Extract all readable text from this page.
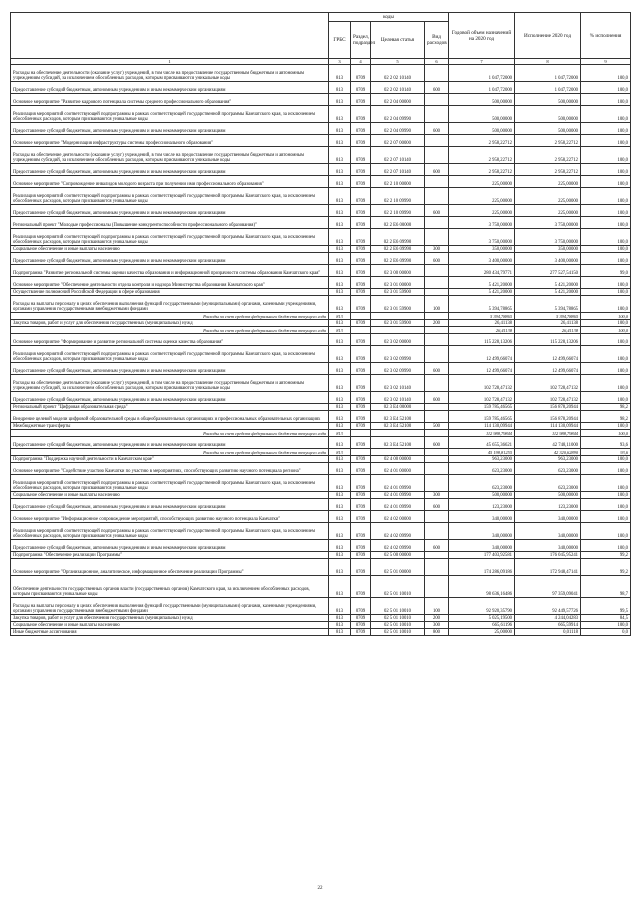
	коды				Годовой объем назначений на 2020 год	Исполнение 2020 год	% исполнения
	ГРБС	Раздел, подраздел	Целевая статья	Вид расходов			
1	3	4	5	6	7	8	9
Расходы на обеспечение деятельности (оказание услуг) учреждений, в том числе на предоставление государственным бюджетным и автономным учреждениям субсидий, за исключением обособленных расходов, которым присваиваются уникальные коды	813	0709	02 2 02 10140		1 047,72000	1 047,72000	100,0
Предоставление субсидий бюджетным, автономным учреждениям и иным некоммерческим организациям	813	0709	02 2 02 10140	600	1 047,72000	1 047,72000	100,0
Основное мероприятие "Развитие кадрового потенциала системы среднего профессионального образования"	813	0709	02 2 04 00000		500,00000	500,00000	100,0
Реализация мероприятий соответствующей подпрограммы в рамках соответствующей государственной программы Камчатского края, за исключением обособленных расходов, которым присваиваются уникальные коды	813	0709	02 2 04 09990		500,00000	500,00000	100,0
Предоставление субсидий бюджетным, автономным учреждениям и иным некоммерческим организациям	813	0709	02 2 04 09990	600	500,00000	500,00000	100,0
Основное мероприятие "Модернизация инфраструктуры системы профессионального образования"	813	0709	02 2 07 00000		2 958,22712	2 958,22712	100,0
Расходы на обеспечение деятельности (оказание услуг) учреждений, в том числе на предоставление государственным бюджетным и автономным учреждениям субсидий, за исключением обособленных расходов, которым присваиваются уникальные коды	813	0709	02 2 07 10140		2 958,22712	2 958,22712	100,0
Предоставление субсидий бюджетным, автономным учреждениям и иным некоммерческим организациям	813	0709	02 2 07 10140	600	2 958,22712	2 958,22712	100,0
Основное мероприятие "Сопровождение инвалидов молодого возраста при получении ими профессионального образования"	813	0709	02 2 10 00000		225,00000	225,00000	100,0
Реализация мероприятий соответствующей подпрограммы в рамках соответствующей государственной программы Камчатского края, за исключением обособленных расходов, которым присваиваются уникальные коды	813	0709	02 2 10 09990		225,00000	225,00000	100,0
Предоставление субсидий бюджетным, автономным учреждениям и иным некоммерческим организациям	813	0709	02 2 10 09990	600	225,00000	225,00000	100,0
Региональный проект "Молодые профессионалы (Повышение конкурентоспособности профессионального образования)"	813	0709	02 2 E6 00000		3 750,00000	3 750,00000	100,0
Реализация мероприятий соответствующей подпрограммы в рамках соответствующей государственной программы Камчатского края, за исключением обособленных расходов, которым присваиваются уникальные коды	813	0709	02 2 E6 09990		3 750,00000	3 750,00000	100,0
Социальное обеспечение и иные выплаты населению	813	0709	02 2 E6 09990	300	350,00000	350,00000	100,0
Предоставление субсидий бюджетным, автономным учреждениям и иным некоммерческим организациям	813	0709	02 2 E6 09990	600	3 400,00000	3 400,00000	100,0
Подпрограмма "Развитие региональной системы оценки качества образования и информационной прозрачности системы образования Камчатского края"	813	0709	02 3 00 00000		280 434,79771	277 527,54150	99,0
Основное мероприятие "Обеспечение деятельности отдела контроля и надзора Министерства образования Камчатского края"	813	0709	02 3 01 00000		5 421,20000	5 421,20000	100,0
Осуществление полномочий Российской Федерации в сфере образования	813	0709	02 3 01 59900		5 421,20000	5 421,20000	100,0
Расходы на выплаты персоналу в целях обеспечения выполнения функций государственными (муниципальными) органами, казенными учреждениями, органами управления государственными внебюджетными фондами	813	0709	02 3 01 59900	100	5 394,78865	5 394,78865	100,0
Расходы за счет средств федерального бюджета текущего года	813				5 394,78865	5 394,78865	100,0
Закупка товаров, работ и услуг для обеспечения государственных (муниципальных) нужд	813	0709	02 3 01 59900	200	26,41138	26,41138	100,0
Расходы за счет средств федерального бюджета текущего года	813				26,41138	26,41138	100,0
Основное мероприятие "Формирование и развитие региональной системы оценки качества образования"	813	0709	02 3 02 00000		115 228,13206	115 228,13206	100,0
Реализация мероприятий соответствующей подпрограммы в рамках соответствующей государственной программы Камчатского края, за исключением обособленных расходов, которым присваиваются уникальные коды	813	0709	02 3 02 09990		12 499,66074	12 499,66074	100,0
Предоставление субсидий бюджетным, автономным учреждениям и иным некоммерческим организациям	813	0709	02 3 02 09990	600	12 499,66074	12 499,66074	100,0
Расходы на обеспечение деятельности (оказание услуг) учреждений, в том числе на предоставление государственным бюджетным и автономным учреждениям субсидий, за исключением обособленных расходов, которым присваиваются уникальные коды	813	0709	02 3 02 10140		102 728,47132	102 728,47132	100,0
Предоставление субсидий бюджетным, автономным учреждениям и иным некоммерческим организациям	813	0709	02 3 02 10140	600	102 728,47132	102 728,47132	100,0
Региональный проект "Цифровая образовательная среда"	813	0709	02 3 E4 00000		159 785,46565	156 878,20944	98,2
Внедрение целевой модели цифровой образовательной среды в общеобразовательных организациях и профессиональных образовательных организациях	813	0709	02 3 E4 52100		159 785,46565	156 878,20944	98,2
Межбюджетные трансферты	813	0709	02 3 E4 52100	500	114 130,09944	114 130,09944	100,0
Расходы за счет средств федерального бюджета текущего года	813				112 988,79844	112 988,79844	100,0
Предоставление субсидий бюджетным, автономным учреждениям и иным некоммерческим организациям	813	0709	02 3 E4 52100	600	45 655,36621	42 748,11000	93,6
Расходы за счет средств федерального бюджета текущего года	813				45 198,81255	42 320,62890	93,6
Подпрограмма "Поддержка научной деятельности в Камчатском крае"	813	0709	02 4 00 00000		963,23000	963,23000	100,0
Основное мероприятие "Содействие участию Камчатки по участию в мероприятиях, способствующих развитию научного потенциала региона"	813	0709	02 4 01 00000		623,23000	623,23000	100,0
Реализация мероприятий соответствующей подпрограммы в рамках соответствующей государственной программы Камчатского края, за исключением обособленных расходов, которым присваиваются уникальные коды	813	0709	02 4 01 09990		623,23000	623,23000	100,0
Социальное обеспечение и иные выплаты населению	813	0709	02 4 01 09990	300	500,00000	500,00000	100,0
Предоставление субсидий бюджетным, автономным учреждениям и иным некоммерческим организациям	813	0709	02 4 01 09990	600	123,23000	123,23000	100,0
Основное мероприятие "Информационное сопровождение мероприятий, способствующих развитию научного потенциала Камчатки"	813	0709	02 4 02 00000		340,00000	340,00000	100,0
Реализация мероприятий соответствующей подпрограммы в рамках соответствующей государственной программы Камчатского края, за исключением обособленных расходов, которым присваиваются уникальные коды	813	0709	02 4 02 09990		340,00000	340,00000	100,0
Предоставление субсидий бюджетным, автономным учреждениям и иным некоммерческим организациям	813	0709	02 4 02 09990	600	340,00000	340,00000	100,0
Подпрограмма "Обеспечение реализации Программы"	813	0709	02 5 00 00000		177 403,92581	176 045,95241	99,2
Основное мероприятие "Организационное, аналитическое, информационное обеспечение реализации Программы"	813	0709	02 5 01 00000		174 286,09186	172 948,47141	99,2
Обеспечение деятельности государственных органов власти (государственных органов) Камчатского края, за исключением обособленных расходов, которым присваиваются уникальные коды	813	0709	02 5 01 10010		98 636,16486	97 359,09041	98,7
Расходы на выплаты персоналу в целях обеспечения выполнения функций государственными (муниципальными) органами, казенными учреждениями, органами управления государственными внебюджетными фондами	813	0709	02 5 01 10010	100	92 920,35790	92 449,57726	99,5
Закупка товаров, работ и услуг для обеспечения государственных (муниципальных) нужд	813	0709	02 5 01 10010	200	5 025,19500	4 244,04283	84,5
Социальное обеспечение и иные выплаты населению	813	0709	02 5 01 10010	300	665,61196	665,59914	100,0
Иные бюджетные ассигнования	813	0709	02 5 01 10010	800	25,00000	0,01118	0,0
22
